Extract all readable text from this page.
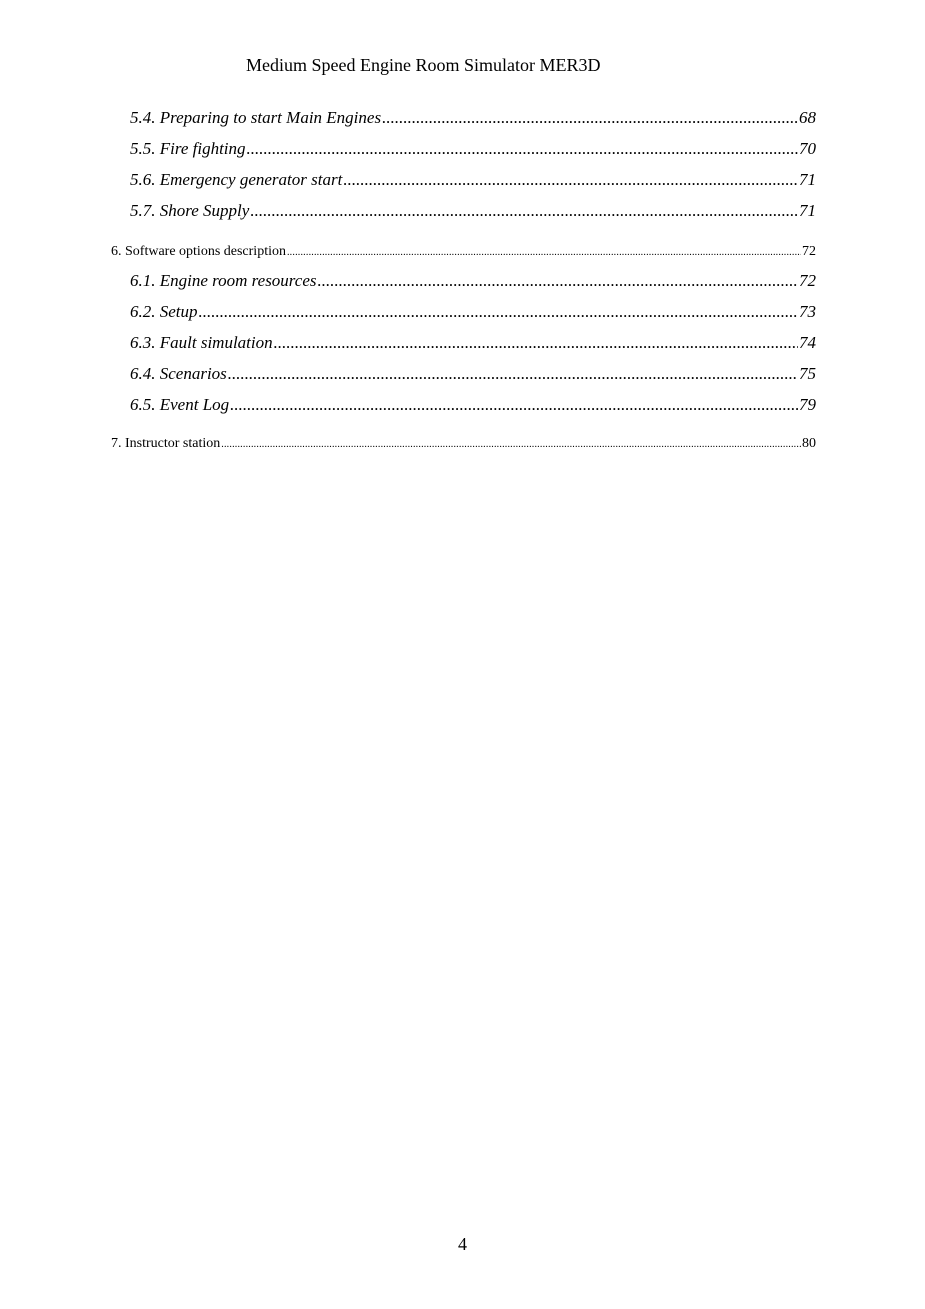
Medium Speed Engine Room Simulator MER3D
5.4. Preparing to start Main Engines .....	68
5.5. Fire fighting .....	70
5.6. Emergency generator start .....	71
5.7. Shore Supply .....	71
6. Software options description .....	72
6.1. Engine room resources .....	72
6.2. Setup .....	73
6.3. Fault simulation .....	74
6.4. Scenarios .....	75
6.5. Event Log .....	79
7. Instructor station .....	80
4
